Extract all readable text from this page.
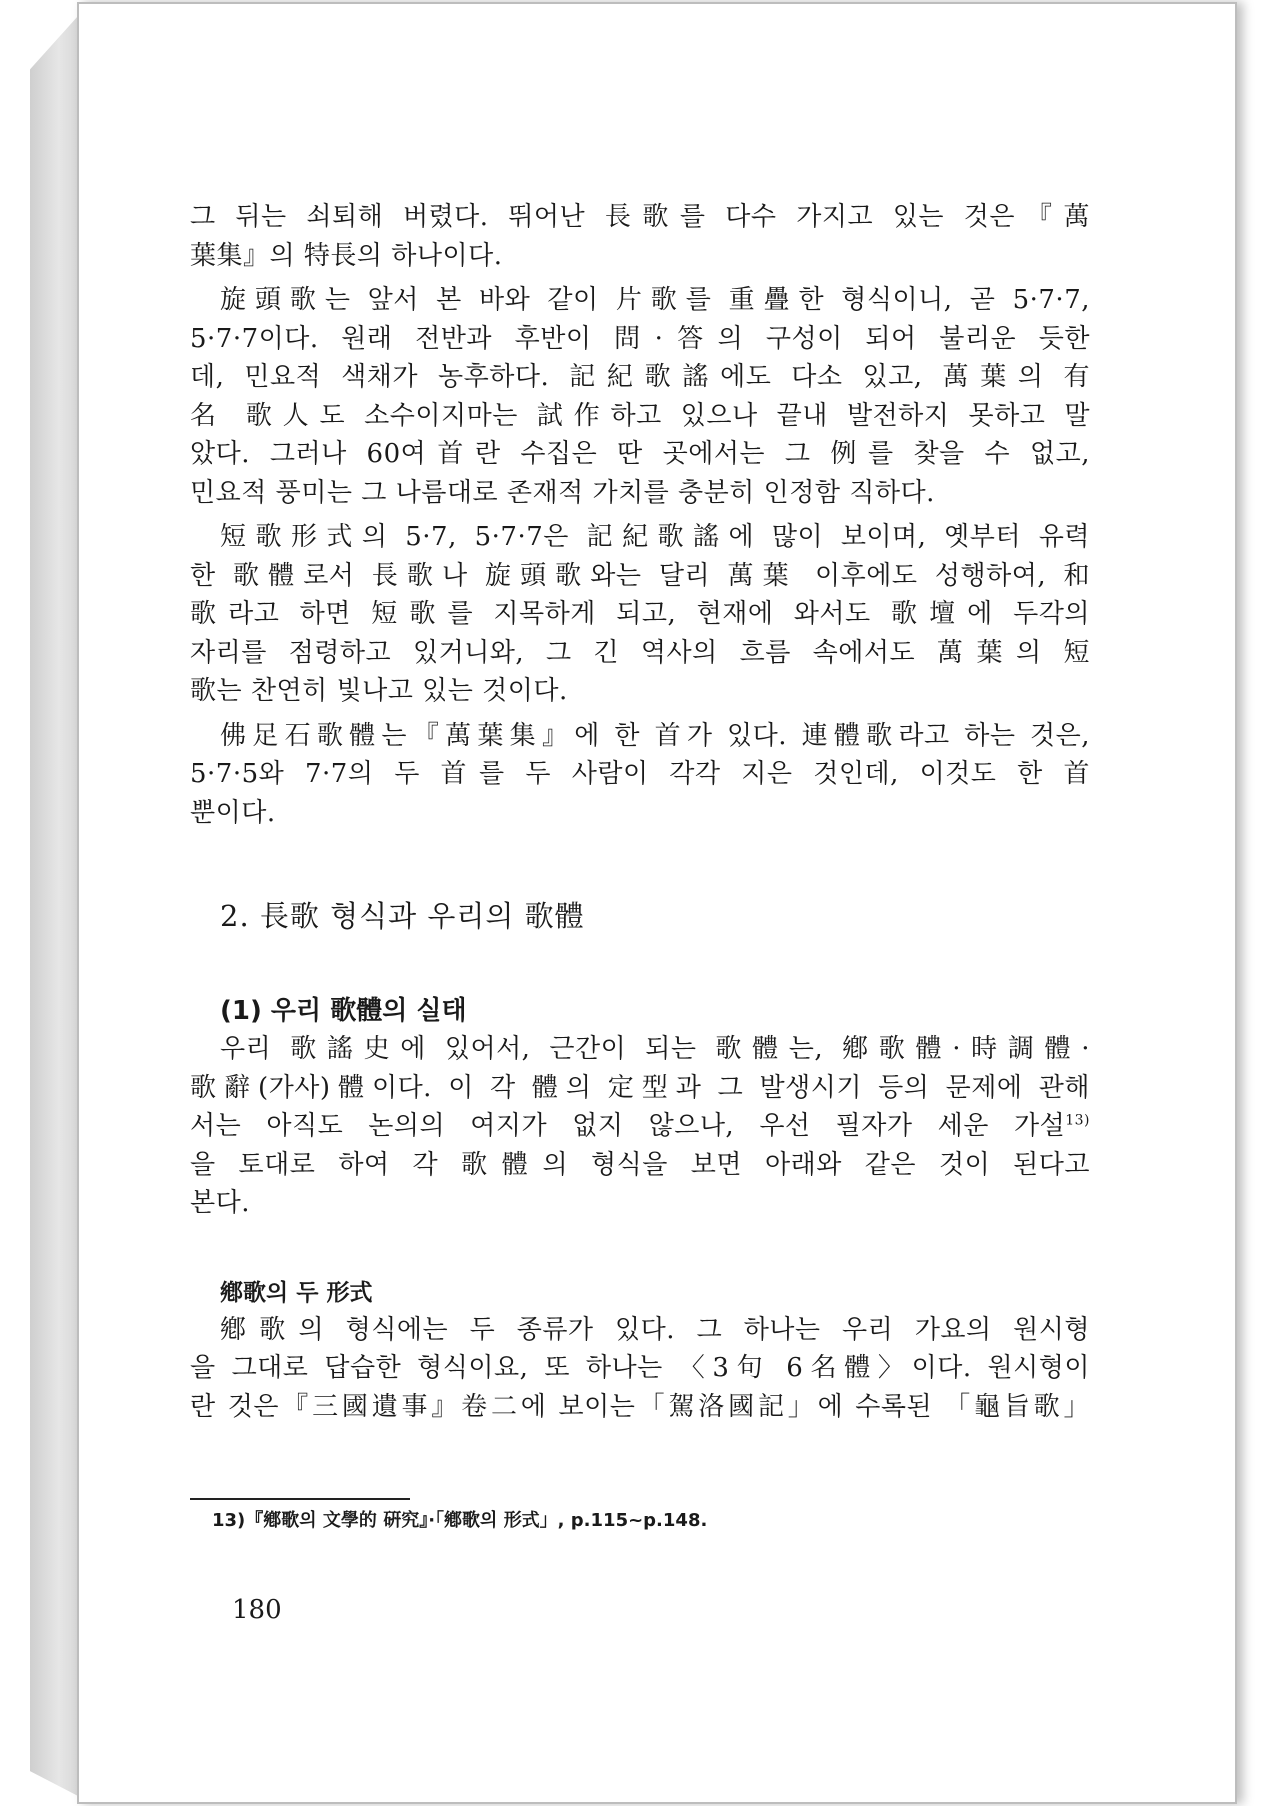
그 뒤는 쇠퇴해 버렸다. 뛰어난 長歌를 다수 가지고 있는 것은『萬
葉集』의 特長의 하나이다.
旋頭歌는 앞서 본 바와 같이 片歌를 重疊한 형식이니, 곧 5·7·7,
5·7·7이다. 원래 전반과 후반이 問·答의 구성이 되어 불리운 듯한
데, 민요적 색채가 농후하다. 記紀歌謠에도 다소 있고, 萬葉의 有
名 歌人도 소수이지마는 試作하고 있으나 끝내 발전하지 못하고 말
았다. 그러나 60여首란 수집은 딴 곳에서는 그 例를 찾을 수 없고,
민요적 풍미는 그 나름대로 존재적 가치를 충분히 인정함 직하다.
短歌形式의 5·7, 5·7·7은 記紀歌謠에 많이 보이며, 옛부터 유력
한 歌體로서 長歌나 旋頭歌와는 달리 萬葉 이후에도 성행하여, 和
歌라고 하면 短歌를 지목하게 되고, 현재에 와서도 歌壇에 두각의
자리를 점령하고 있거니와, 그 긴 역사의 흐름 속에서도 萬葉의 短
歌는 찬연히 빛나고 있는 것이다.
佛足石歌體는『萬葉集』에 한 首가 있다. 連體歌라고 하는 것은,
5·7·5와 7·7의 두 首를 두 사람이 각각 지은 것인데, 이것도 한 首
뿐이다.
2. 長歌 형식과 우리의 歌體
(1) 우리 歌體의 실태
우리 歌謠史에 있어서, 근간이 되는 歌體는, 鄕歌體·時調體·
歌辭(가사)體이다. 이 각 體의 定型과 그 발생시기 등의 문제에 관해
서는 아직도 논의의 여지가 없지 않으나, 우선 필자가 세운 가설$^{13)}$
을 토대로 하여 각 歌體의 형식을 보면 아래와 같은 것이 된다고
본다.
鄕歌의 두 形式
鄕歌의 형식에는 두 종류가 있다. 그 하나는 우리 가요의 원시형
을 그대로 답습한 형식이요, 또 하나는 〈3句 6名體〉이다. 원시형이
란 것은『三國遺事』卷二에 보이는「駕洛國記」에 수록된 「龜旨歌」
13)『鄕歌의 文學的 硏究』·「鄕歌의 形式」, p.115~p.148.
180
